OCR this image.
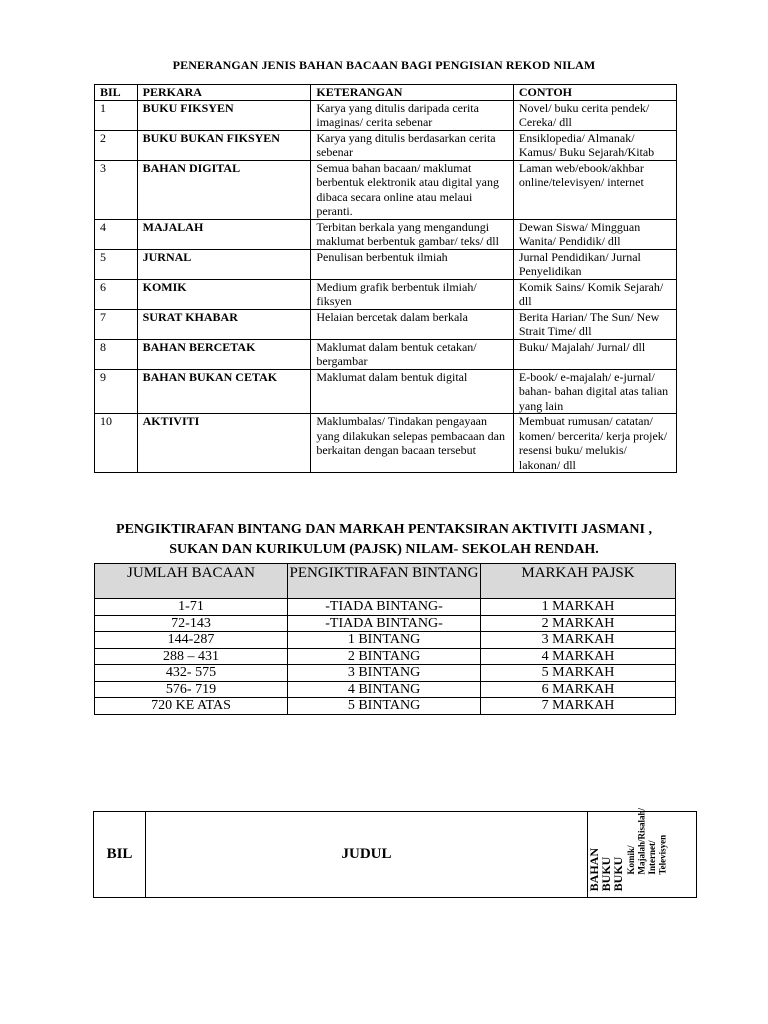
PENERANGAN JENIS BAHAN BACAAN BAGI PENGISIAN REKOD NILAM
BIL	PERKARA	KETERANGAN	CONTOH
1	BUKU FIKSYEN	Karya yang ditulis daripada cerita imaginas/ cerita sebenar	Novel/ buku cerita pendek/ Cereka/ dll
2	BUKU BUKAN FIKSYEN	Karya yang ditulis berdasarkan cerita sebenar	Ensiklopedia/ Almanak/ Kamus/ Buku Sejarah/Kitab
3	BAHAN DIGITAL	Semua bahan bacaan/ maklumat berbentuk elektronik atau digital yang dibaca secara online atau melaui peranti.	Laman web/ebook/akhbar online/televisyen/ internet
4	MAJALAH	Terbitan berkala yang mengandungi maklumat berbentuk gambar/ teks/ dll	Dewan Siswa/ Mingguan Wanita/ Pendidik/ dll
5	JURNAL	Penulisan berbentuk ilmiah	Jurnal Pendidikan/ Jurnal Penyelidikan
6	KOMIK	Medium grafik berbentuk ilmiah/ fiksyen	Komik Sains/ Komik Sejarah/ dll
7	SURAT KHABAR	Helaian bercetak dalam berkala	Berita Harian/ The Sun/ New Strait Time/ dll
8	BAHAN BERCETAK	Maklumat dalam bentuk cetakan/ bergambar	Buku/ Majalah/ Jurnal/ dll
9	BAHAN BUKAN CETAK	Maklumat dalam bentuk digital	E-book/ e-majalah/ e-jurnal/ bahan- bahan digital atas talian yang lain
10	AKTIVITI	Maklumbalas/ Tindakan pengayaan yang dilakukan selepas pembacaan dan berkaitan dengan bacaan tersebut	Membuat rumusan/ catatan/ komen/ bercerita/ kerja projek/ resensi buku/ melukis/ lakonan/ dll
PENGIKTIRAFAN BINTANG DAN MARKAH PENTAKSIRAN AKTIVITI JASMANI ,
SUKAN DAN KURIKULUM (PAJSK) NILAM- SEKOLAH RENDAH.
JUMLAH BACAAN	PENGIKTIRAFAN BINTANG	MARKAH PAJSK
1-71	-TIADA BINTANG-	1 MARKAH
72-143	-TIADA BINTANG-	2 MARKAH
144-287	1 BINTANG	3 MARKAH
288 – 431	2 BINTANG	4 MARKAH
432- 575	3 BINTANG	5 MARKAH
576- 719	4 BINTANG	6 MARKAH
720 KE ATAS	5 BINTANG	7 MARKAH
BIL	JUDUL	BAHAN
BUKU
BUKU Komik/ Majalah/Risalah/ Internet/ Televisyen
